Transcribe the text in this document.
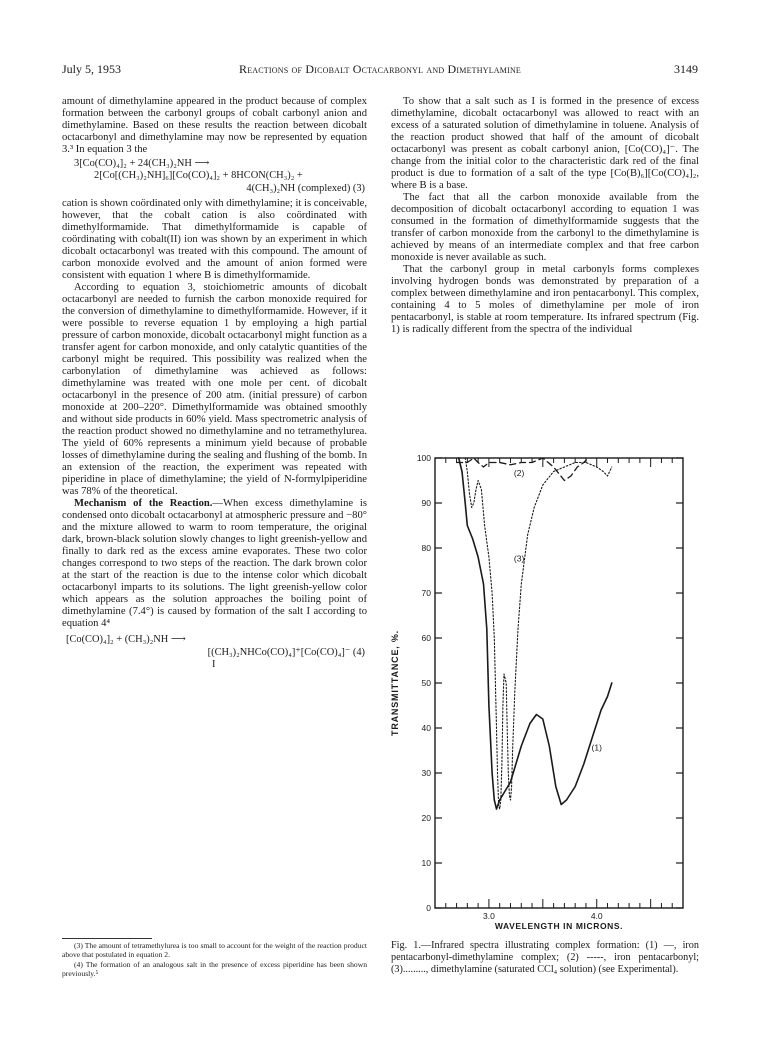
July 5, 1953	Reactions of Dicobalt Octacarbonyl and Dimethylamine	3149

amount of dimethylamine appeared in the product because of complex formation between the carbonyl groups of cobalt carbonyl anion and dimethylamine. Based on these results the reaction between dicobalt octacarbonyl and dimethylamine may now be represented by equation 3.³ In equation 3 the

3[Co(CO)₄]₂ + 24(CH₃)₂NH ⟶
2[Co[(CH₃)₂NH]₆][Co(CO)₄]₂ + 8HCON(CH₃)₂ +
4(CH₃)₂NH (complexed) (3)

cation is shown coördinated only with dimethylamine; it is conceivable, however, that the cobalt cation is also coördinated with dimethylformamide. That dimethylformamide is capable of coördinating with cobalt(II) ion was shown by an experiment in which dicobalt octacarbonyl was treated with this compound. The amount of carbon monoxide evolved and the amount of anion formed were consistent with equation 1 where B is dimethylformamide.

According to equation 3, stoichiometric amounts of dicobalt octacarbonyl are needed to furnish the carbon monoxide required for the conversion of dimethylamine to dimethylformamide. However, if it were possible to reverse equation 1 by employing a high partial pressure of carbon monoxide, dicobalt octacarbonyl might function as a transfer agent for carbon monoxide, and only catalytic quantities of the carbonyl might be required. This possibility was realized when the carbonylation of dimethylamine was achieved as follows: dimethylamine was treated with one mole per cent. of dicobalt octacarbonyl in the presence of 200 atm. (initial pressure) of carbon monoxide at 200–220°. Dimethylformamide was obtained smoothly and without side products in 60% yield. Mass spectrometric analysis of the reaction product showed no dimethylamine and no tetramethylurea. The yield of 60% represents a minimum yield because of probable losses of dimethylamine during the sealing and flushing of the bomb. In an extension of the reaction, the experiment was repeated with piperidine in place of dimethylamine; the yield of N-formylpiperidine was 78% of the theoretical.

Mechanism of the Reaction.—When excess dimethylamine is condensed onto dicobalt octacarbonyl at atmospheric pressure and −80° and the mixture allowed to warm to room temperature, the original dark, brown-black solution slowly changes to light greenish-yellow and finally to dark red as the excess amine evaporates. These two color changes correspond to two steps of the reaction. The dark brown color at the start of the reaction is due to the intense color which dicobalt octacarbonyl imparts to its solutions. The light greenish-yellow color which appears as the solution approaches the boiling point of dimethylamine (7.4°) is caused by formation of the salt I according to equation 4⁴

[Co(CO)₄]₂ + (CH₃)₂NH ⟶
[(CH₃)₂NHCo(CO)₄]⁺[Co(CO)₄]⁻ (4)
I

(3) The amount of tetramethylurea is too small to account for the weight of the reaction product above that postulated in equation 2.

(4) The formation of an analogous salt in the presence of excess piperidine has been shown previously.⁵

To show that a salt such as I is formed in the presence of excess dimethylamine, dicobalt octacarbonyl was allowed to react with an excess of a saturated solution of dimethylamine in toluene. Analysis of the reaction product showed that half of the amount of dicobalt octacarbonyl was present as cobalt carbonyl anion, [Co(CO)₄]⁻. The change from the initial color to the characteristic dark red of the final product is due to formation of a salt of the type [Co(B)₆][Co(CO)₄]₂, where B is a base.

The fact that all the carbon monoxide available from the decomposition of dicobalt octacarbonyl according to equation 1 was consumed in the formation of dimethylformamide suggests that the transfer of carbon monoxide from the carbonyl to the dimethylamine is achieved by means of an intermediate complex and that free carbon monoxide is never available as such.

That the carbonyl group in metal carbonyls forms complexes involving hydrogen bonds was demonstrated by preparation of a complex between dimethylamine and iron pentacarbonyl. This complex, containing 4 to 5 moles of dimethylamine per mole of iron pentacarbonyl, is stable at room temperature. Its infrared spectrum (Fig. 1) is radically different from the spectra of the individual

0
10
20
30
40
50
60
70
80
90
100
3.0	4.0
WAVELENGTH IN MICRONS.
TRANSMITTANCE, %.
(1)
(2)
(3)
Fig. 1.—Infrared spectra illustrating complex formation: (1) —, iron pentacarbonyl-dimethylamine complex; (2) -----, iron pentacarbonyl; (3)........., dimethylamine (saturated CCl₄ solution) (see Experimental).
